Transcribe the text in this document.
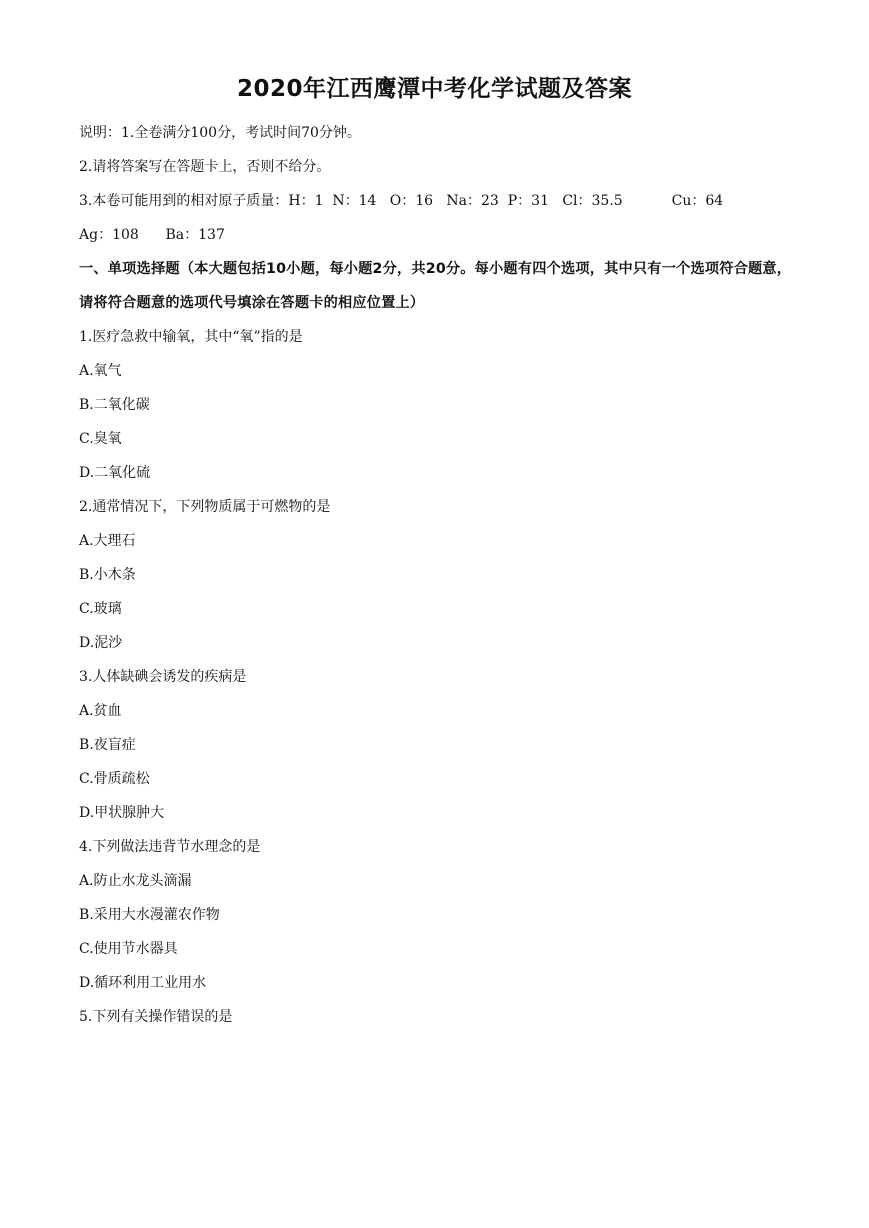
2020年江西鹰潭中考化学试题及答案
说明：1.全卷满分100分，考试时间70分钟。
2.请将答案写在答题卡上，否则不给分。
3.本卷可能用到的相对原子质量：H：1  N：14   O：16   Na：23  P：31   Cl：35.5           Cu：64
Ag：108      Ba：137
一、单项选择题（本大题包括10小题，每小题2分，共20分。每小题有四个选项，其中只有一个选项符合题意，请将符合题意的选项代号填涂在答题卡的相应位置上）
1.医疗急救中输氧，其中“氧”指的是
A.氧气
B.二氧化碳
C.臭氧
D.二氧化硫
2.通常情况下，下列物质属于可燃物的是
A.大理石
B.小木条
C.玻璃
D.泥沙
3.人体缺碘会诱发的疾病是
A.贫血
B.夜盲症
C.骨质疏松
D.甲状腺肿大
4.下列做法违背节水理念的是
A.防止水龙头滴漏
B.采用大水漫灌农作物
C.使用节水器具
D.循环利用工业用水
5.下列有关操作错误的是
